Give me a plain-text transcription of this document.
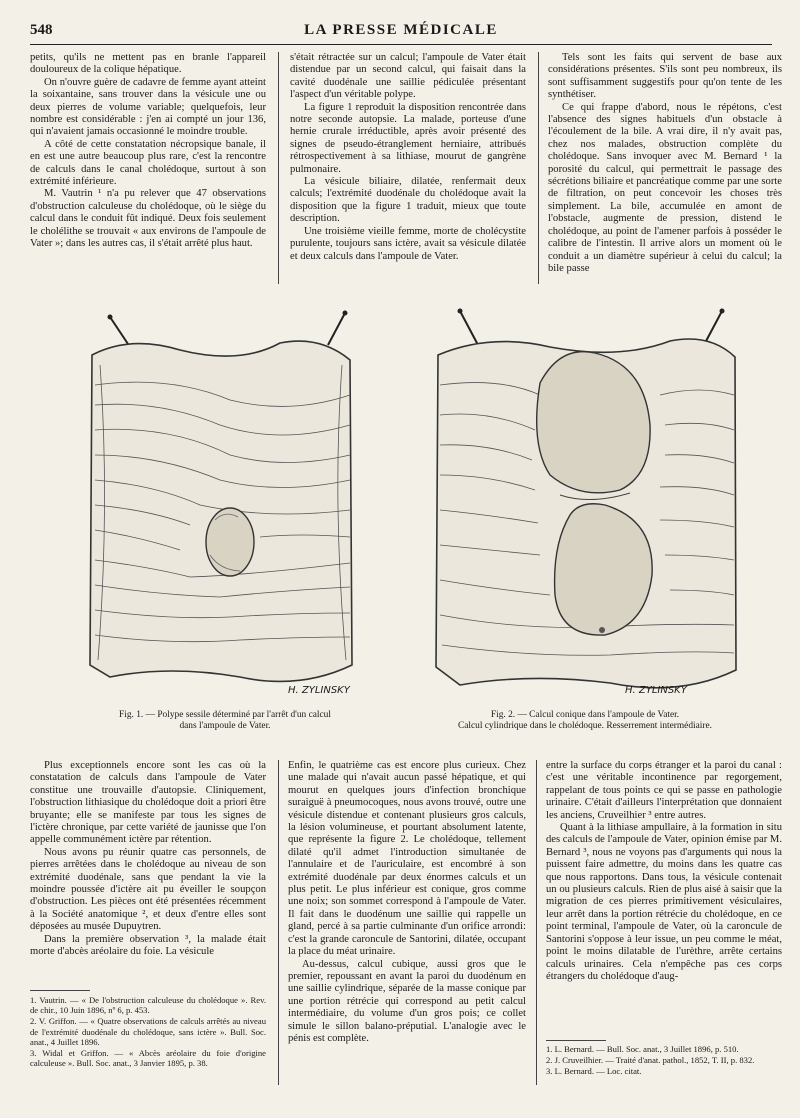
548	LA PRESSE MÉDICALE

petits, qu'ils ne mettent pas en branle l'appareil douloureux de la colique hépatique.

On n'ouvre guère de cadavre de femme ayant atteint la soixantaine, sans trouver dans la vésicule une ou deux pierres de volume variable; quelquefois, leur nombre est considérable : j'en ai compté un jour 136, qui n'avaient jamais occasionné le moindre trouble.

A côté de cette constatation nécropsique banale, il en est une autre beaucoup plus rare, c'est la rencontre de calculs dans le canal cholédoque, surtout à son extrémité inférieure.

M. Vautrin ¹ n'a pu relever que 47 observations d'obstruction calculeuse du cholédoque, où le siège du calcul dans le conduit fût indiqué. Deux fois seulement le cholélithe se trouvait « aux environs de l'ampoule de Vater »; dans les autres cas, il s'était arrêté plus haut.

s'était rétractée sur un calcul; l'ampoule de Vater était distendue par un second calcul, qui faisait dans la cavité duodénale une saillie pédiculée présentant l'aspect d'un véritable polype.

La figure 1 reproduit la disposition rencontrée dans notre seconde autopsie. La malade, porteuse d'une hernie crurale irréductible, après avoir présenté des signes de pseudo-étranglement herniaire, attribués rétrospectivement à sa lithiase, mourut de gangrène pulmonaire.

La vésicule biliaire, dilatée, renfermait deux calculs; l'extrémité duodénale du cholédoque avait la disposition que la figure 1 traduit, mieux que toute description.

Une troisième vieille femme, morte de cholécystite purulente, toujours sans ictère, avait sa vésicule dilatée et deux calculs dans l'ampoule de Vater.

Tels sont les faits qui servent de base aux considérations présentes. S'ils sont peu nombreux, ils sont suffisamment suggestifs pour qu'on tente de les synthétiser.

Ce qui frappe d'abord, nous le répétons, c'est l'absence des signes habituels d'un obstacle à l'écoulement de la bile. A vrai dire, il n'y avait pas, chez nos malades, obstruction complète du cholédoque. Sans invoquer avec M. Bernard ¹ la porosité du calcul, qui permettrait le passage des sécrétions biliaire et pancréatique comme par une sorte de filtration, on peut concevoir les choses très simplement. La bile, accumulée en amont de l'obstacle, augmente de pression, distend le cholédoque, au point de l'amener parfois à posséder le calibre de l'intestin. Il arrive alors un moment où le conduit a un diamètre supérieur à celui du calcul; la bile passe

H. ZYLINSKY
Fig. 1. — Polype sessile déterminé par l'arrêt d'un calcul
dans l'ampoule de Vater.
H. ZYLINSKY
Fig. 2. — Calcul conique dans l'ampoule de Vater.
Calcul cylindrique dans le cholédoque. Resserrement intermédiaire.

Plus exceptionnels encore sont les cas où la constatation de calculs dans l'ampoule de Vater constitue une trouvaille d'autopsie. Cliniquement, l'obstruction lithiasique du cholédoque doit a priori être bruyante; elle se manifeste par tous les signes de l'ictère chronique, par cette variété de jaunisse que l'on appelle communément ictère par rétention.

Nous avons pu réunir quatre cas personnels, de pierres arrêtées dans le cholédoque au niveau de son extrémité duodénale, sans que pendant la vie la moindre poussée d'ictère ait pu éveiller le soupçon d'obstruction. Les pièces ont été présentées récemment à la Société anatomique ², et deux d'entre elles sont déposées au musée Dupuytren.

Dans la première observation ³, la malade était morte d'abcès aréolaire du foie. La vésicule

1. Vautrin. — « De l'obstruction calculeuse du cholédoque ». Rev. de chir., 10 Juin 1896, nº 6, p. 453.

2. V. Griffon. — « Quatre observations de calculs arrêtés au niveau de l'extrémité duodénale du cholédoque, sans ictère ». Bull. Soc. anat., 4 Juillet 1896.

3. Widal et Griffon. — « Abcès aréolaire du foie d'origine calculeuse ». Bull. Soc. anat., 3 Janvier 1895, p. 38.

Enfin, le quatrième cas est encore plus curieux. Chez une malade qui n'avait aucun passé hépatique, et qui mourut en quelques jours d'infection bronchique suraiguë à pneumocoques, nous avons trouvé, outre une vésicule distendue et contenant plusieurs gros calculs, la lésion volumineuse, et pourtant absolument latente, que représente la figure 2. Le cholédoque, tellement dilaté qu'il admet l'introduction simultanée de l'annulaire et de l'auriculaire, est encombré à son extrémité duodénale par deux énormes calculs et un plus petit. Le plus inférieur est conique, gros comme une noix; son sommet correspond à l'ampoule de Vater. Il fait dans le duodénum une saillie qui rappelle un gland, percé à sa partie culminante d'un orifice arrondi: c'est la grande caroncule de Santorini, dilatée, occupant la place du méat urinaire.

Au-dessus, calcul cubique, aussi gros que le premier, repoussant en avant la paroi du duodénum en une saillie cylindrique, séparée de la masse conique par une portion rétrécie qui correspond au petit calcul intermédiaire, du volume d'un gros pois; ce collet simule le sillon balano-préputial. L'analogie avec le pénis est complète.

entre la surface du corps étranger et la paroi du canal : c'est une véritable incontinence par regorgement, rappelant de tous points ce qui se passe en pathologie urinaire. C'était d'ailleurs l'interprétation que donnaient les anciens, Cruveilhier ³ entre autres.

Quant à la lithiase ampullaire, à la formation in situ des calculs de l'ampoule de Vater, opinion émise par M. Bernard ³, nous ne voyons pas d'arguments qui nous la puissent faire admettre, du moins dans les quatre cas que nous rapportons. Dans tous, la vésicule contenait un ou plusieurs calculs. Rien de plus aisé à saisir que la migration de ces pierres primitivement vésiculaires, leur arrêt dans la portion rétrécie du cholédoque, en ce point terminal, l'ampoule de Vater, où la caroncule de Santorini s'oppose à leur issue, un peu comme le méat, point le moins dilatable de l'urèthre, arrête certains calculs urinaires. Cela n'empêche pas ces corps étrangers du cholédoque d'aug-

1. L. Bernard. — Bull. Soc. anat., 3 Juillet 1896, p. 510.

2. J. Cruveilhier. — Traité d'anat. pathol., 1852, T. II, p. 832.

3. L. Bernard. — Loc. citat.
